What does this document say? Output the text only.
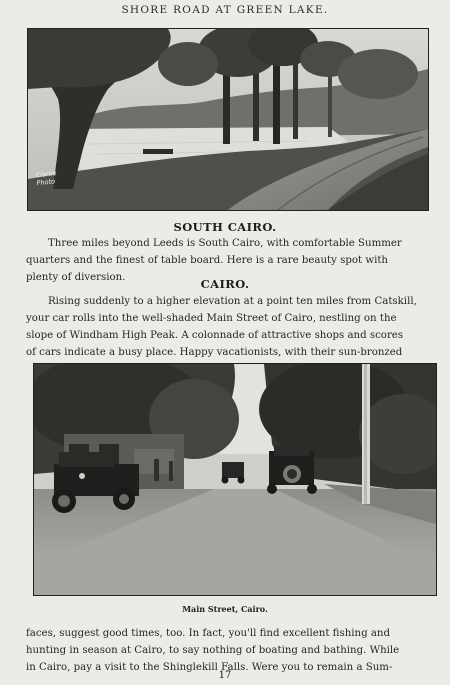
SHORE ROAD AT GREEN LAKE.
Clarke
Photo
SOUTH CAIRO.
Three miles beyond Leeds is South Cairo, with comfortable Summer
quarters and the finest of table board. Here is a rare beauty spot with
plenty of diversion.	CAIRO.
Rising suddenly to a higher elevation at a point ten miles from Catskill,
your car rolls into the well-shaded Main Street of Cairo, nestling on the
slope of Windham High Peak. A colonnade of attractive shops and scores
of cars indicate a busy place. Happy vacationists, with their sun-bronzed
Main Street, Cairo.
faces, suggest good times, too. In fact, you'll find excellent fishing and
hunting in season at Cairo, to say nothing of boating and bathing. While
in Cairo, pay a visit to the Shinglekill Falls. Were you to remain a Sum-
17
